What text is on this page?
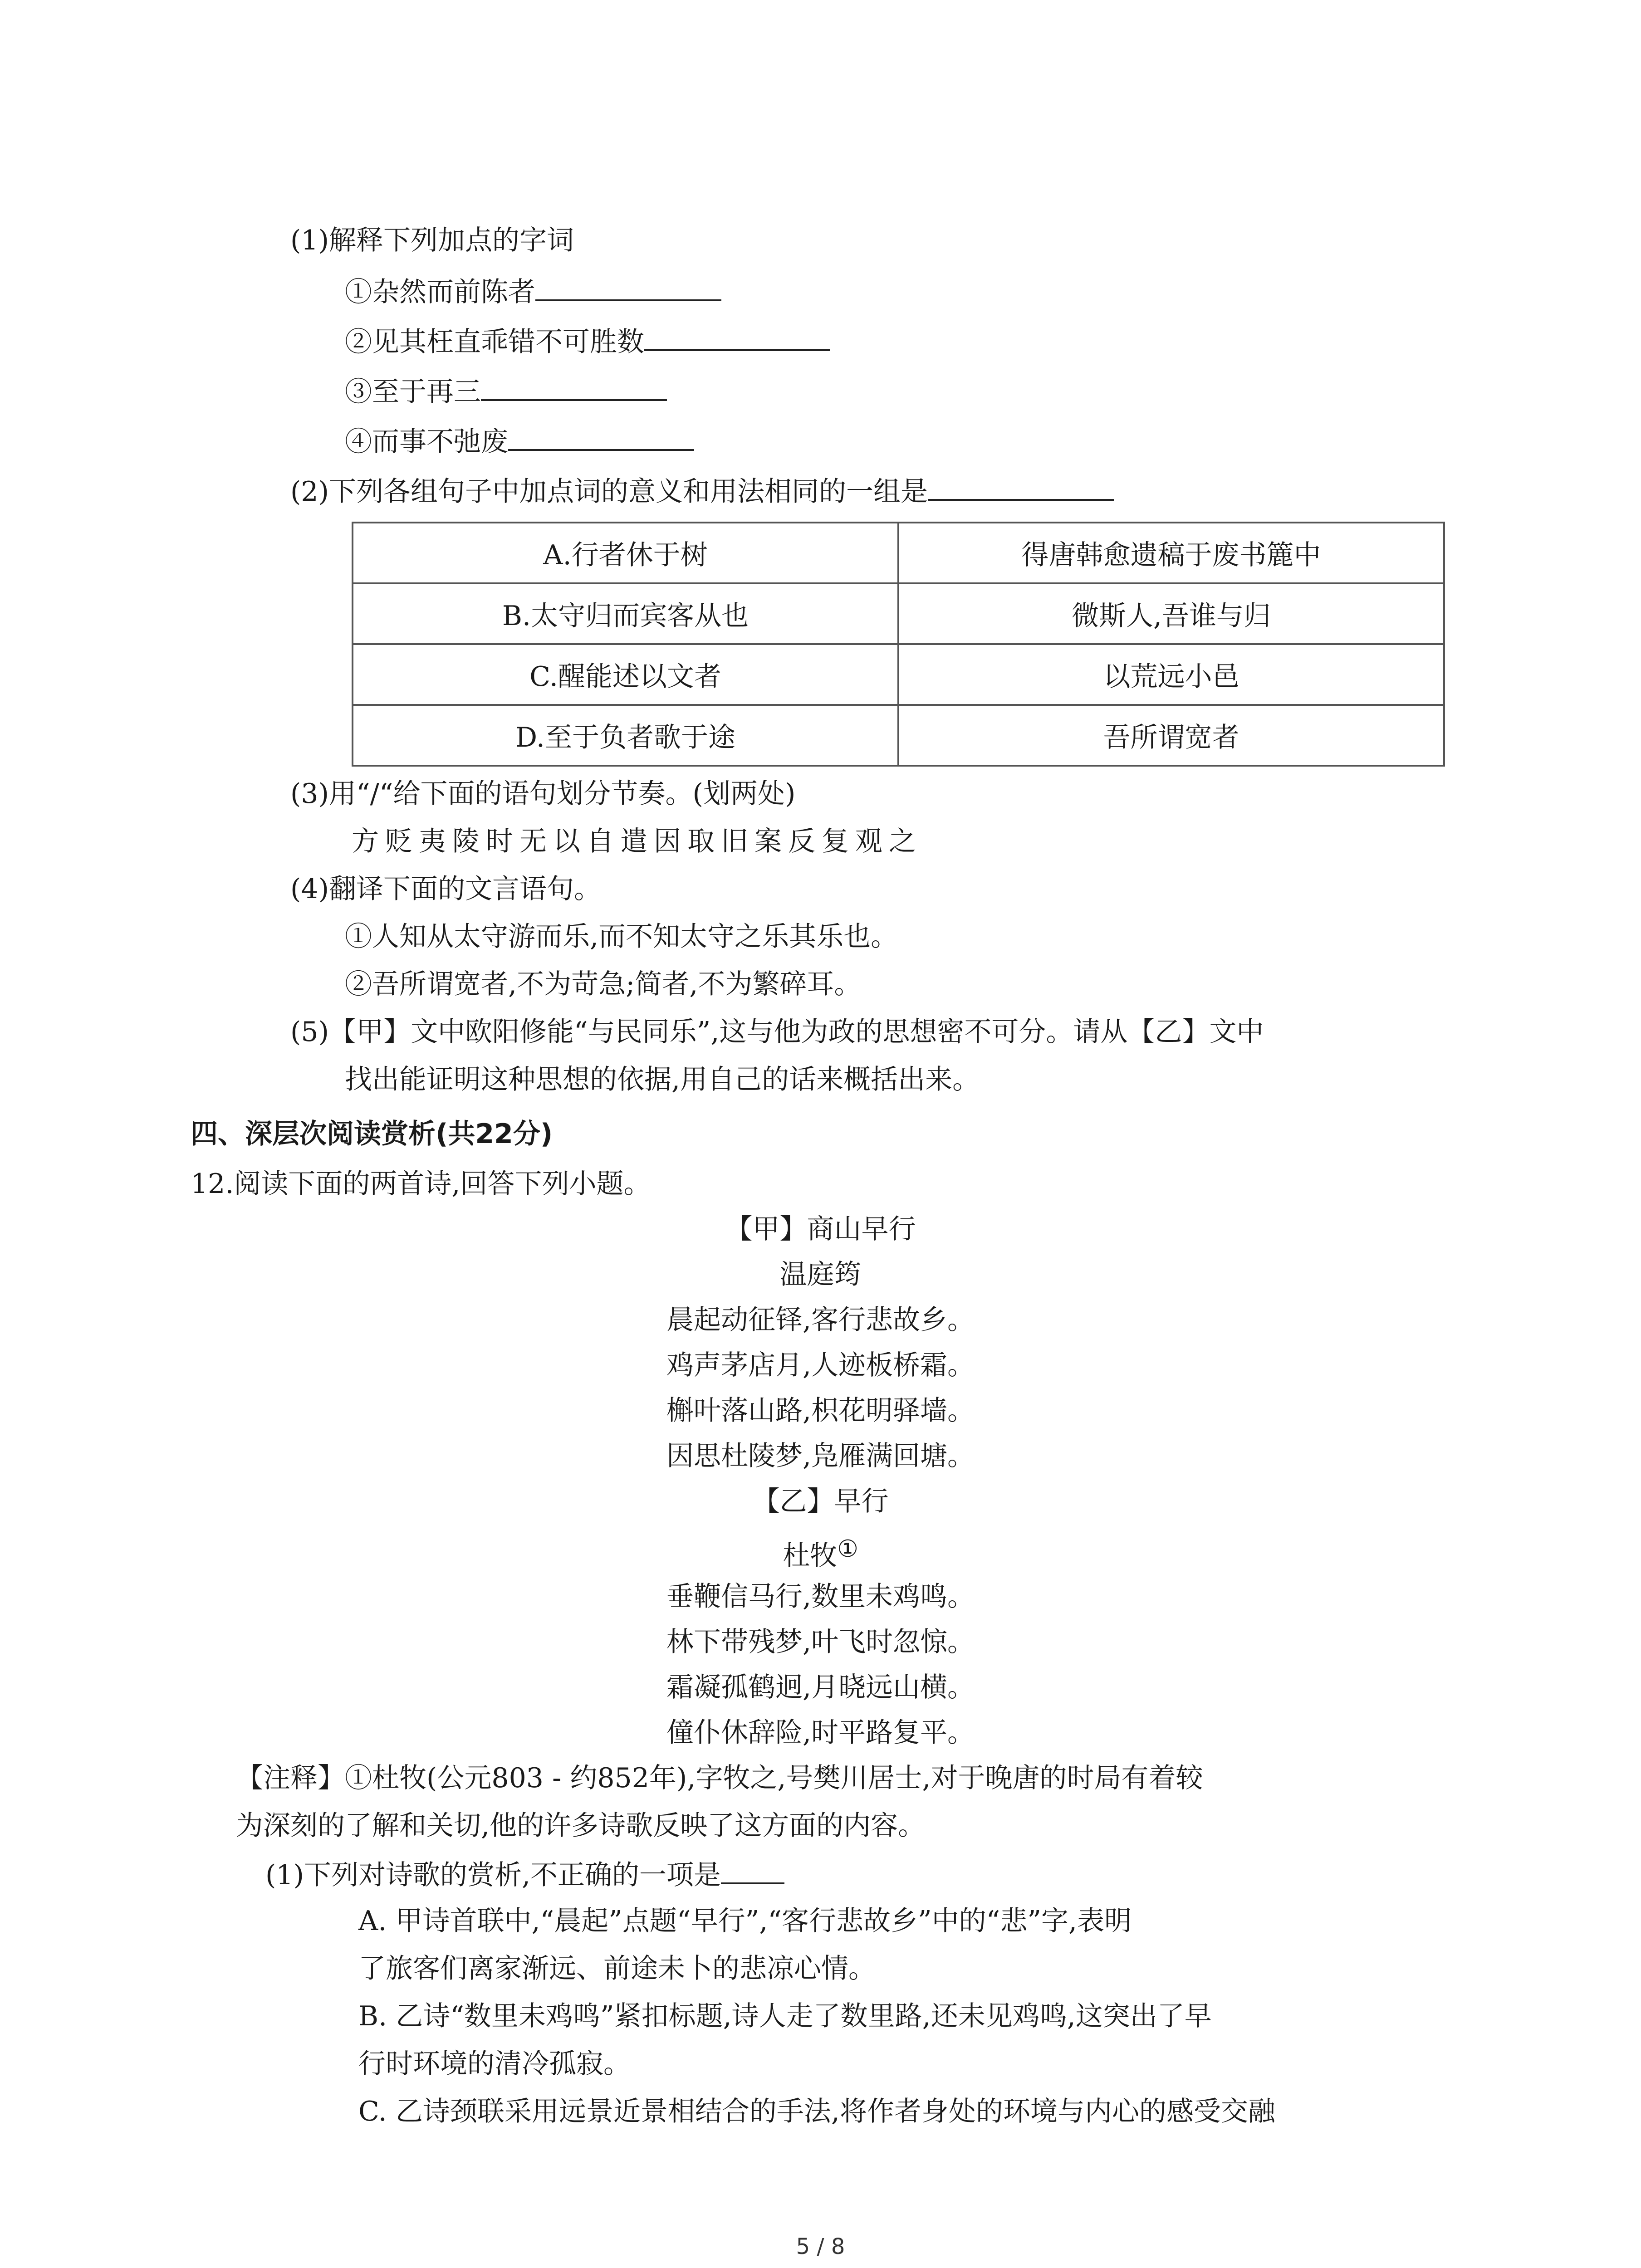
(1)解释下列加点的字词
①杂然而前陈者
②见其枉直乖错不可胜数
③至于再三
④而事不弛废
(2)下列各组句子中加点词的意义和用法相同的一组是
A.行者休于树	得唐韩愈遗稿于废书簏中
B.太守归而宾客从也	微斯人,吾谁与归
C.醒能述以文者	以荒远小邑
D.至于负者歌于途	吾所谓宽者
(3)用“/“给下面的语句划分节奏。(划两处)
方贬夷陵时无以自遣因取旧案反复观之
(4)翻译下面的文言语句。
①人知从太守游而乐,而不知太守之乐其乐也。
②吾所谓宽者,不为苛急;简者,不为繁碎耳。
(5)【甲】文中欧阳修能“与民同乐”,这与他为政的思想密不可分。请从【乙】文中
找出能证明这种思想的依据,用自己的话来概括出来。
四、深层次阅读赏析(共22分)
12.阅读下面的两首诗,回答下列小题。
【甲】商山早行
温庭筠
晨起动征铎,客行悲故乡。
鸡声茅店月,人迹板桥霜。
槲叶落山路,枳花明驿墙。
因思杜陵梦,凫雁满回塘。
【乙】早行
杜牧①
垂鞭信马行,数里未鸡鸣。
林下带残梦,叶飞时忽惊。
霜凝孤鹤迥,月晓远山横。
僮仆休辞险,时平路复平。
【注释】①杜牧(公元803 - 约852年),字牧之,号樊川居士,对于晚唐的时局有着较
为深刻的了解和关切,他的许多诗歌反映了这方面的内容。
(1)下列对诗歌的赏析,不正确的一项是
A. 甲诗首联中,“晨起”点题“早行”,“客行悲故乡”中的“悲”字,表明
了旅客们离家渐远、前途未卜的悲凉心情。
B. 乙诗“数里未鸡鸣”紧扣标题,诗人走了数里路,还未见鸡鸣,这突出了早
行时环境的清冷孤寂。
C. 乙诗颈联采用远景近景相结合的手法,将作者身处的环境与内心的感受交融
5 / 8
